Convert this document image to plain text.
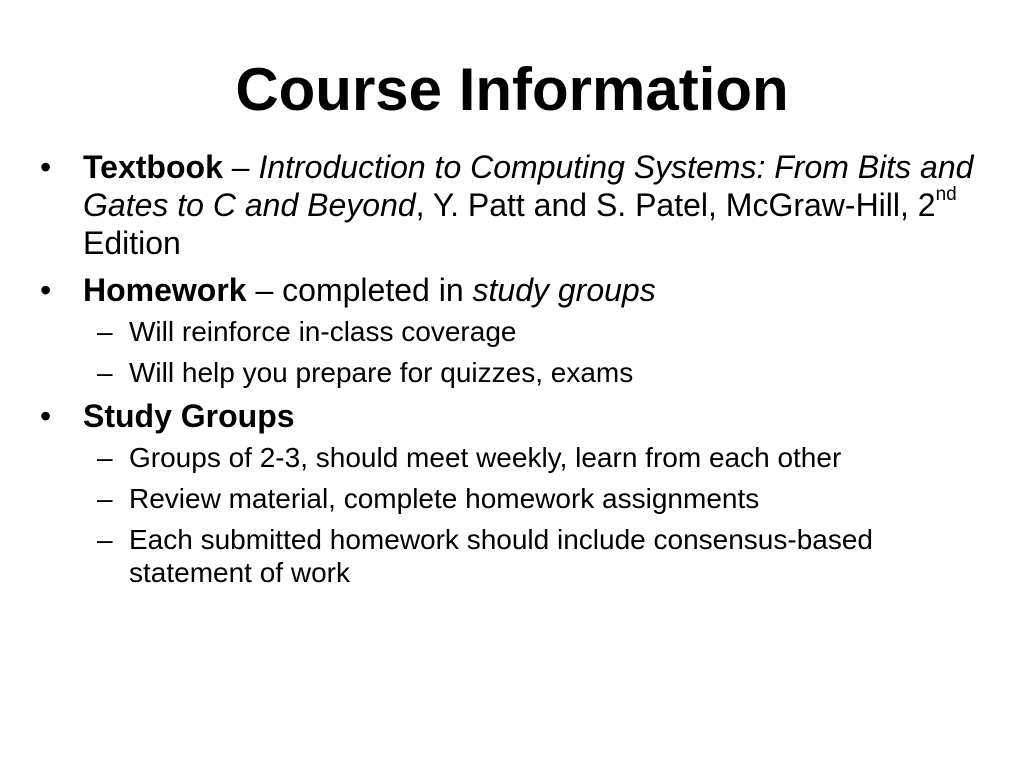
Course Information
• Textbook – Introduction to Computing Systems: From Bits and Gates to C and Beyond, Y. Patt and S. Patel, McGraw-Hill, 2nd Edition
• Homework – completed in study groups
– Will reinforce in-class coverage
– Will help you prepare for quizzes, exams
• Study Groups
– Groups of 2-3, should meet weekly, learn from each other
– Review material, complete homework assignments
– Each submitted homework should include consensus-based statement of work
